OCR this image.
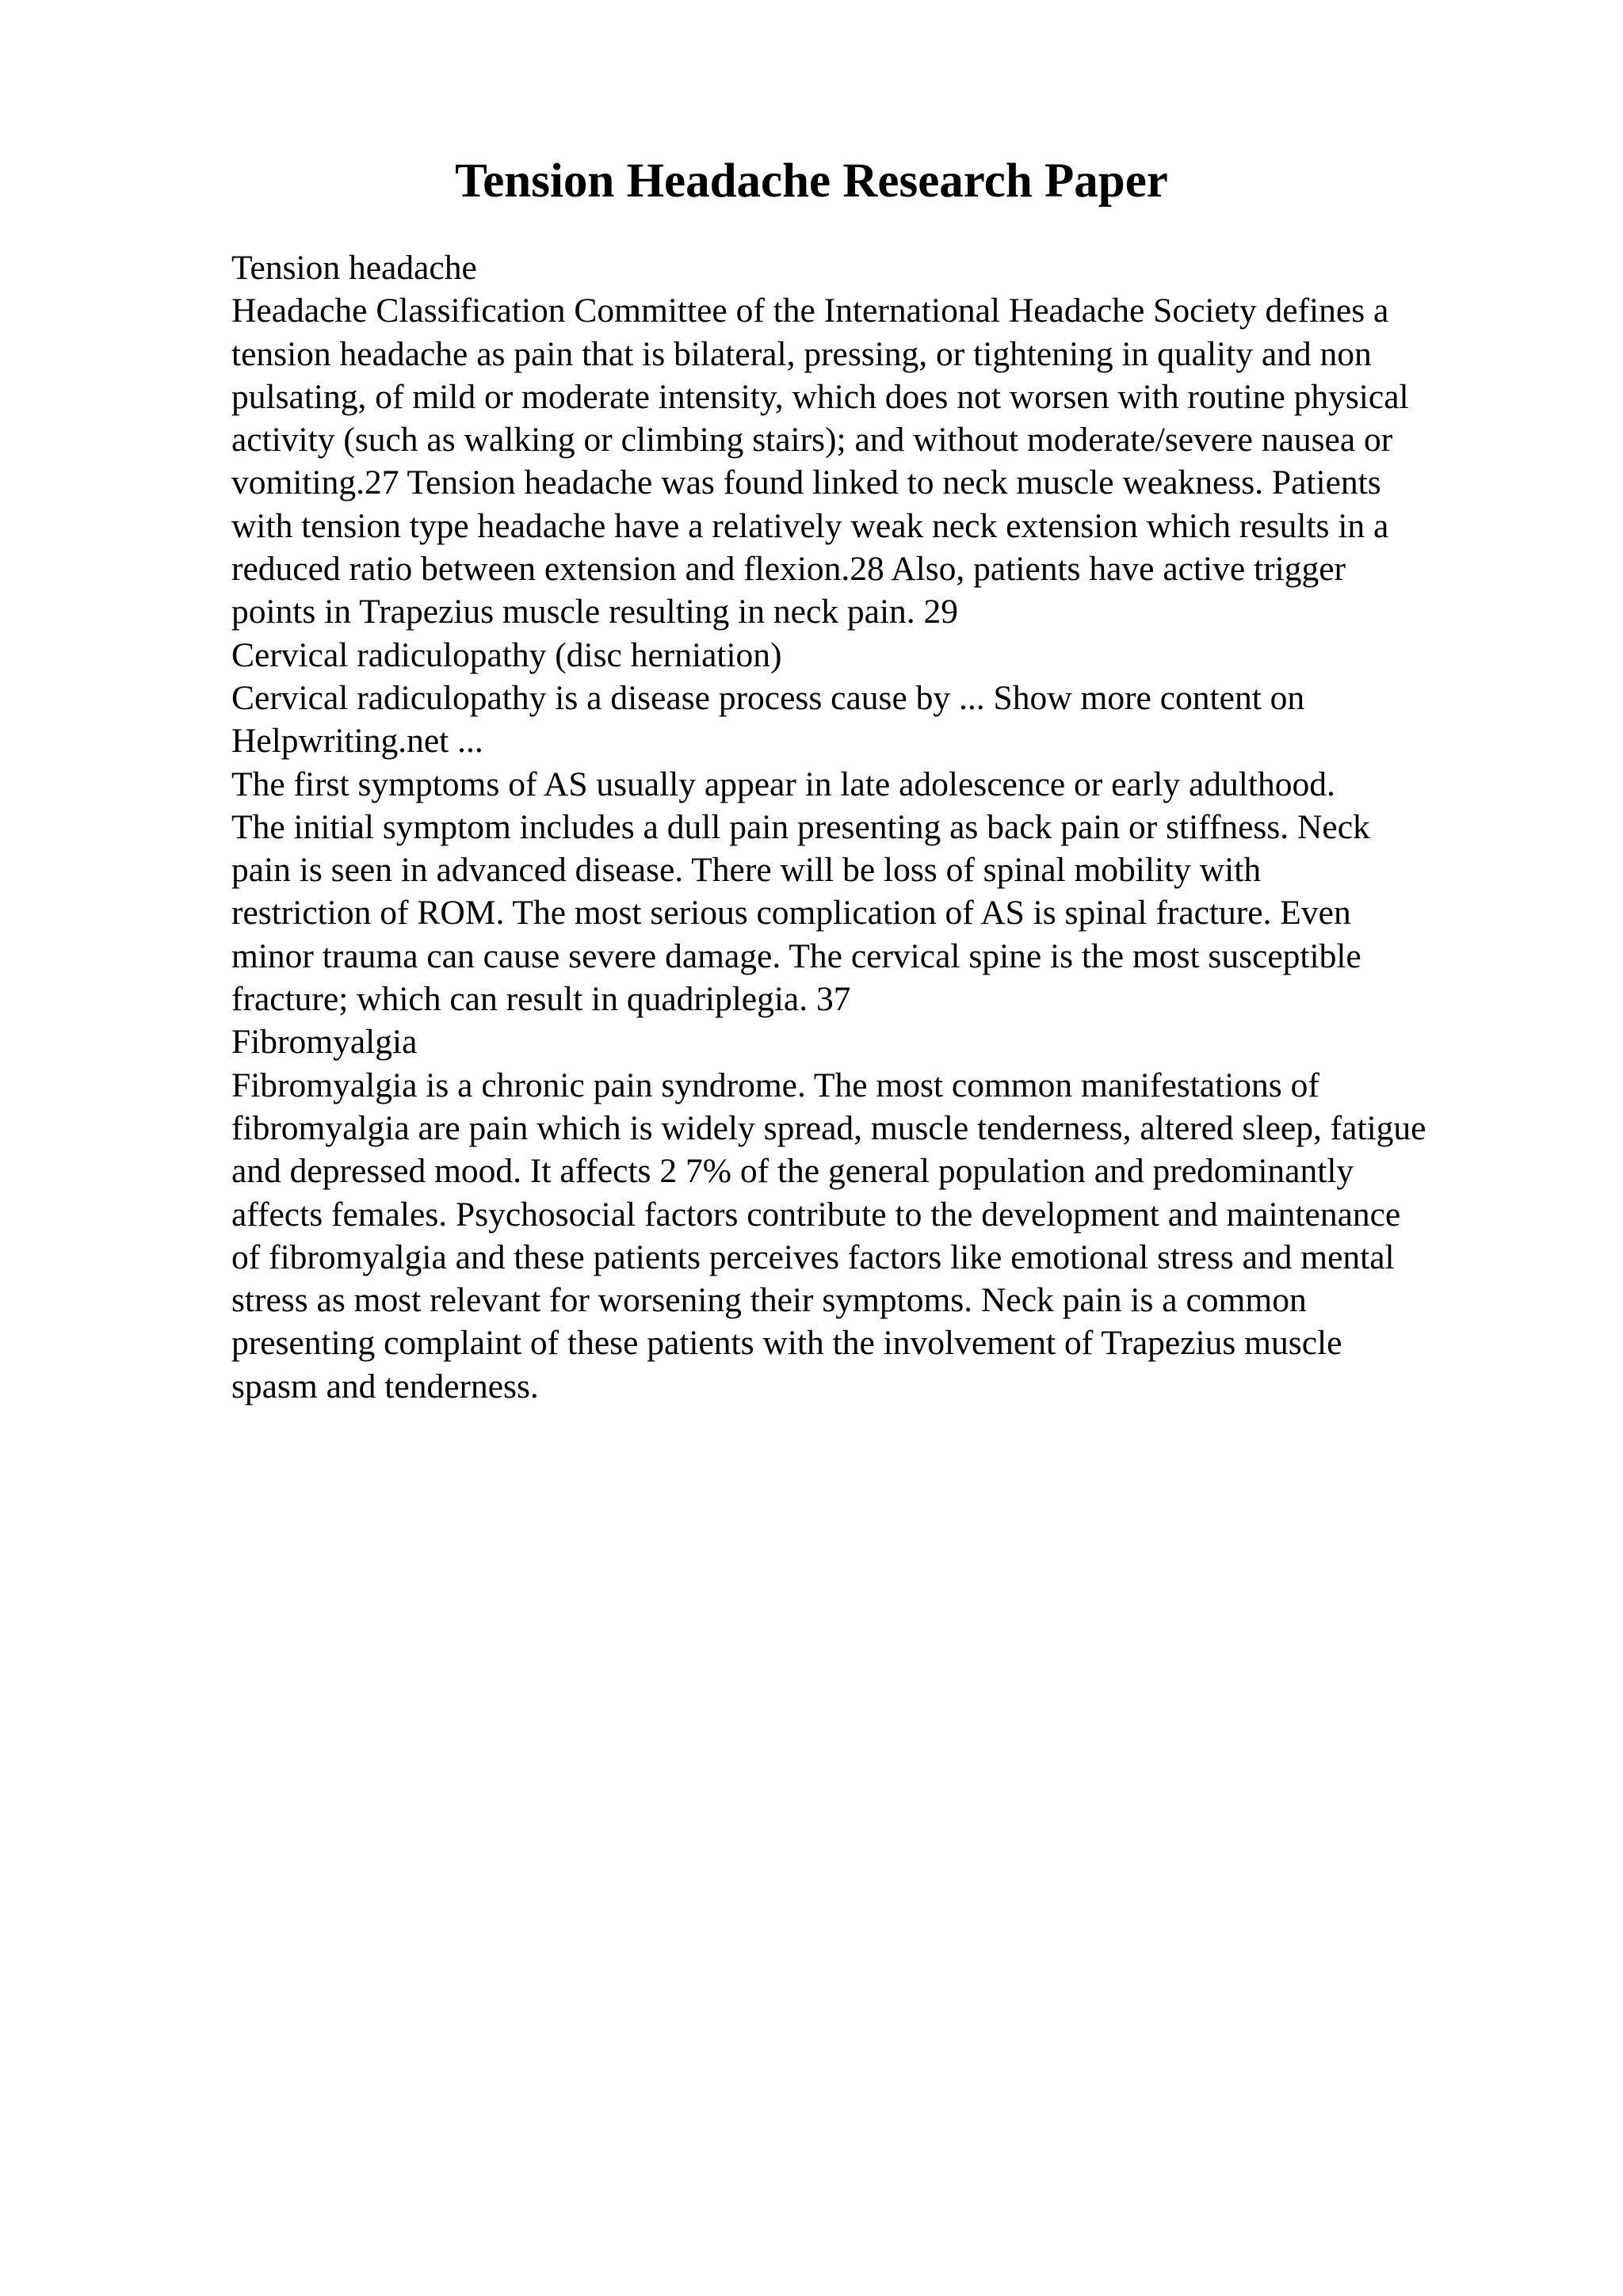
Tension Headache Research Paper
Tension headache
Headache Classification Committee of the International Headache Society defines a
tension headache as pain that is bilateral, pressing, or tightening in quality and non
pulsating, of mild or moderate intensity, which does not worsen with routine physical
activity (such as walking or climbing stairs); and without moderate/severe nausea or
vomiting.27 Tension headache was found linked to neck muscle weakness. Patients
with tension type headache have a relatively weak neck extension which results in a
reduced ratio between extension and flexion.28 Also, patients have active trigger
points in Trapezius muscle resulting in neck pain. 29
Cervical radiculopathy (disc herniation)
Cervical radiculopathy is a disease process cause by ... Show more content on
Helpwriting.net ...
The first symptoms of AS usually appear in late adolescence or early adulthood.
The initial symptom includes a dull pain presenting as back pain or stiffness. Neck
pain is seen in advanced disease. There will be loss of spinal mobility with
restriction of ROM. The most serious complication of AS is spinal fracture. Even
minor trauma can cause severe damage. The cervical spine is the most susceptible
fracture; which can result in quadriplegia. 37
Fibromyalgia
Fibromyalgia is a chronic pain syndrome. The most common manifestations of
fibromyalgia are pain which is widely spread, muscle tenderness, altered sleep, fatigue
and depressed mood. It affects 2 7% of the general population and predominantly
affects females. Psychosocial factors contribute to the development and maintenance
of fibromyalgia and these patients perceives factors like emotional stress and mental
stress as most relevant for worsening their symptoms. Neck pain is a common
presenting complaint of these patients with the involvement of Trapezius muscle
spasm and tenderness.
